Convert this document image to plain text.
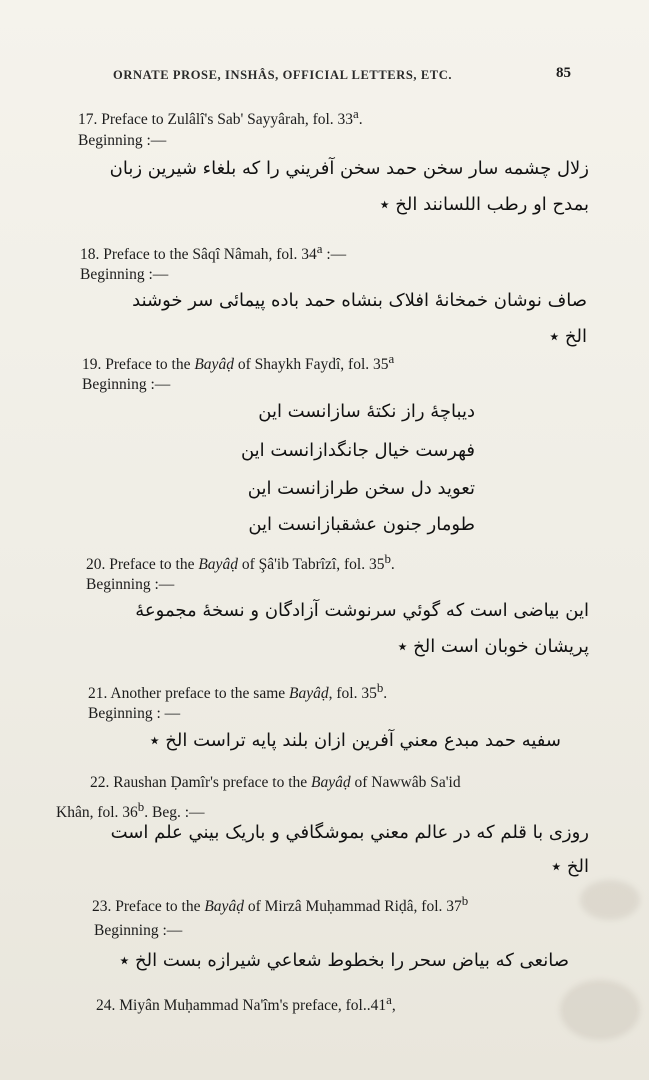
ORNATE PROSE, INSHÂS, OFFICIAL LETTERS, ETC.	85
17. Preface to Zulâlî's Sab' Sayyârah, fol. 33$^a$.
Beginning :—
زلال چشمه سار سخن حمد سخن آفریني را که بلغاء شیرین زبان
بمدح او رطب اللسانند الخ ٭
18. Preface to the Sâqî Nâmah, fol. 34$^a$ :—
Beginning :—
صاف نوشان خمخانۀ افلاک بنشاه حمد باده پیمائی سر خوشند
الخ ٭
19. Preface to the Bayâḍ of Shaykh Faydî, fol. 35$^a$
Beginning :—
دیباچۀ راز نکتۀ سازانست این
فهرست خیال جانگدازانست این
تعوید دل سخن طرازانست این
طومار جنون عشقبازانست این
20. Preface to the Bayâḍ of Şâ'ib Tabrîzî, fol. 35$^b$.
Beginning :—
این بیاضی است که گوئي سرنوشت آزادگان و نسخۀ مجموعۀ
پریشان خوبان است الخ ٭
21. Another preface to the same Bayâḍ, fol. 35$^b$.
Beginning : —
سفیه حمد مبدع معني آفرین ازان بلند پایه تراست الخ ٭
22. Raushan Ḍamîr's preface to the Bayâḍ of Nawwâb Sa'id
Khân, fol. 36$^b$. Beg. :—
روزی با قلم که در عالم معني بموشگافي و باریک بیني علم است
الخ ٭
23. Preface to the Bayâḍ of Mirzâ Muḥammad Riḍâ, fol. 37$^b$
Beginning :—
صانعی که بیاض سحر را بخطوط شعاعي شیرازه بست الخ ٭
24. Miyân Muḥammad Na'îm's preface, fol..41$^a$,
